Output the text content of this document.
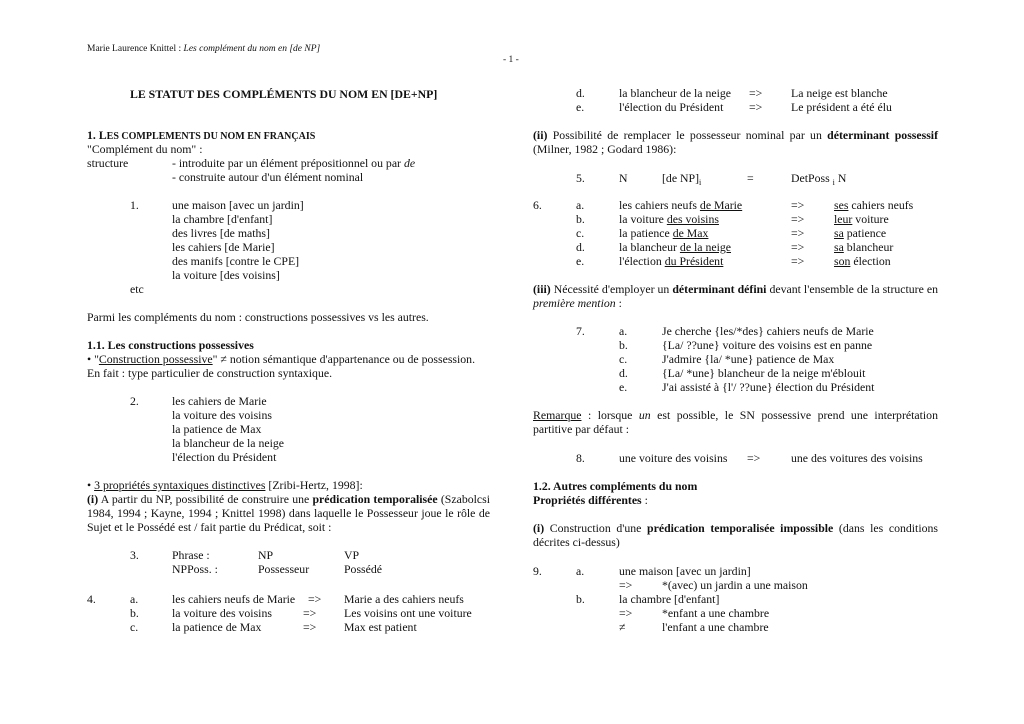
Marie Laurence Knittel : Les complément du nom en [de NP]
- 1 -
LE STATUT DES COMPLÉMENTS DU NOM EN [DE+NP]
1. LES COMPLEMENTS DU NOM EN FRANÇAIS
"Complément du nom" :
structure	- introduite par un élément prépositionnel ou par de
- construite autour d'un élément nominal
1.	une maison [avec un jardin]
la chambre [d'enfant]
des livres [de maths]
les cahiers [de Marie]
des manifs [contre le CPE]
la voiture [des voisins]
etc
Parmi les compléments du nom : constructions possessives vs les autres.
1.1. Les constructions possessives
• "Construction possessive" ≠ notion sémantique d'appartenance ou de possession.
En fait : type particulier de construction syntaxique.
2.	les cahiers de Marie
la voiture des voisins
la patience de Max
la blancheur de la neige
l'élection du Président
• 3 propriétés syntaxiques distinctives [Zribi-Hertz, 1998]:
(i) A partir du NP, possibilité de construire une prédication temporalisée (Szabolcsi 1984, 1994 ; Kayne, 1994 ; Knittel 1998) dans laquelle le Possesseur joue le rôle de Sujet et le Possédé est / fait partie du Prédicat, soit :
3.	Phrase :	NP	VP
NPPoss. :	Possesseur	Possédé
4.	a.	les cahiers neufs de Marie => Marie a des cahiers neufs
b.	la voiture des voisins	=> Les voisins ont une voiture
c.	la patience de Max	=> Max est patient
d.	la blancheur de la neige => La neige est blanche
e.	l'élection du Président => Le président a été élu
(ii) Possibilité de remplacer le possesseur nominal par un déterminant possessif (Milner, 1982 ; Godard 1986):
5.	N	[de $NP]_i$	=	DetPoss $_i$ N
6.	a.	les cahiers neufs de Marie	=>	ses cahiers neufs
b.	la voiture des voisins	=>	leur voiture
c.	la patience de Max	=>	sa patience
d.	la blancheur de la neige	=>	sa blancheur
e.	l'élection du Président	=>	son élection
(iii) Nécessité d'employer un déterminant défini devant l'ensemble de la structure en première mention :
7.	a.	Je cherche {les/*des} cahiers neufs de Marie
b.	{La/ ??une} voiture des voisins est en panne
c.	J'admire {la/ *une} patience de Max
d.	{La/ *une} blancheur de la neige m'éblouit
e.	J'ai assisté à {l'/ ??une} élection du Président
Remarque : lorsque un est possible, le SN possessive prend une interprétation partitive par défaut :
8.	une voiture des voisins =>	une des voitures des voisins
1.2. Autres compléments du nom
Propriétés différentes :
(i) Construction d'une prédication temporalisée impossible (dans les conditions décrites ci-dessus)
9.	a.	une maison [avec un jardin]
=>	*(avec) un jardin a une maison
b.	la chambre [d'enfant]
=>	*enfant a une chambre
≠	l'enfant a une chambre
